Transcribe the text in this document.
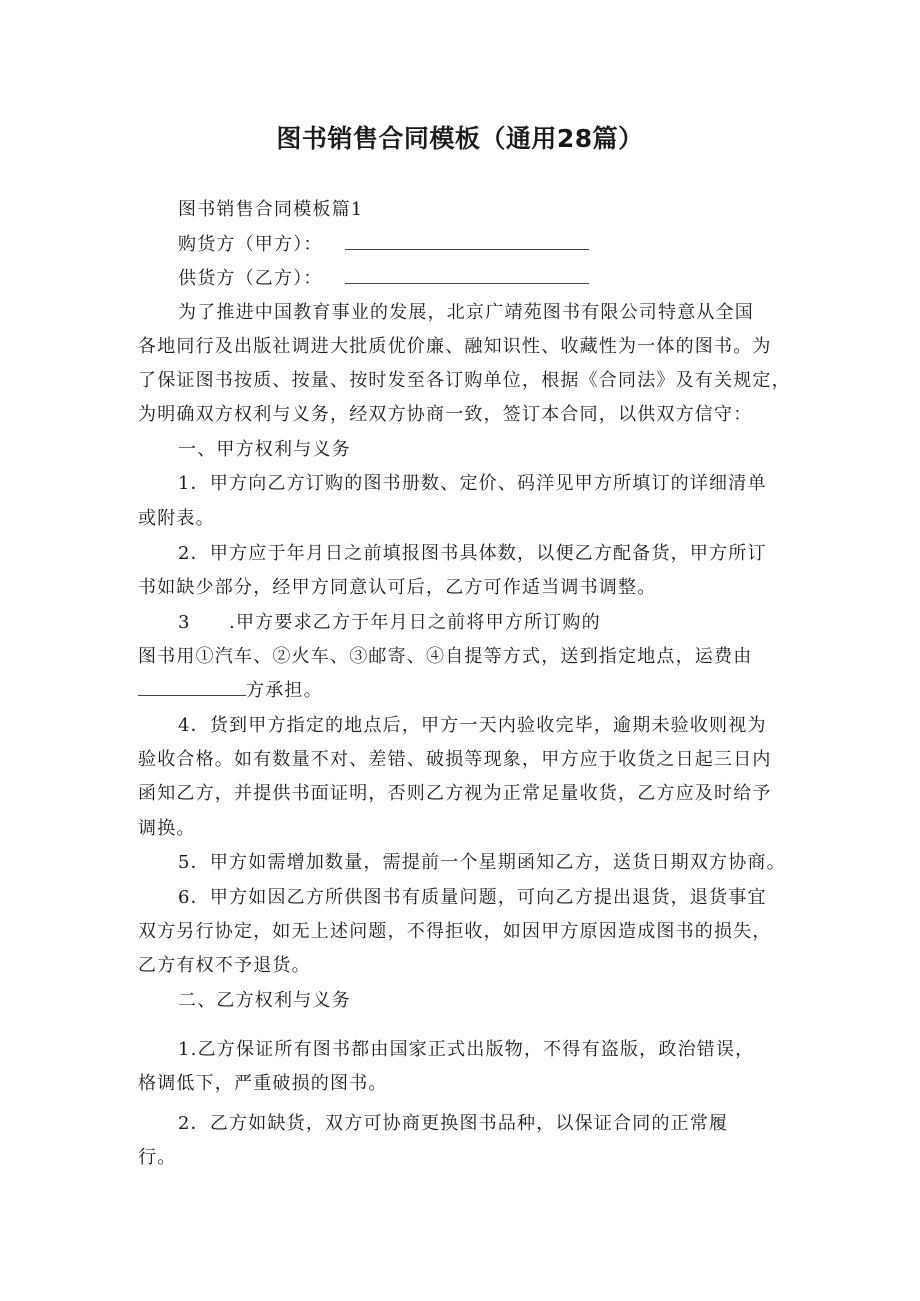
图书销售合同模板（通用28篇）
图书销售合同模板篇1
购货方（甲方）：
供货方（乙方）：
为了推进中国教育事业的发展，北京广靖苑图书有限公司特意从全国
各地同行及出版社调进大批质优价廉、融知识性、收藏性为一体的图书。为
了保证图书按质、按量、按时发至各订购单位，根据《合同法》及有关规定，
为明确双方权利与义务，经双方协商一致，签订本合同，以供双方信守：
一、甲方权利与义务
1．甲方向乙方订购的图书册数、定价、码洋见甲方所填订的详细清单
或附表。
2．甲方应于年月日之前填报图书具体数，以便乙方配备货，甲方所订
书如缺少部分，经甲方同意认可后，乙方可作适当调书调整。
3　　.甲方要求乙方于年月日之前将甲方所订购的
图书用①汽车、②火车、③邮寄、④自提等方式，送到指定地点，运费由
方承担。
4．货到甲方指定的地点后，甲方一天内验收完毕，逾期未验收则视为
验收合格。如有数量不对、差错、破损等现象，甲方应于收货之日起三日内
函知乙方，并提供书面证明，否则乙方视为正常足量收货，乙方应及时给予
调换。
5．甲方如需增加数量，需提前一个星期函知乙方，送货日期双方协商。
6．甲方如因乙方所供图书有质量问题，可向乙方提出退货，退货事宜
双方另行协定，如无上述问题，不得拒收，如因甲方原因造成图书的损失，
乙方有权不予退货。
二、乙方权利与义务
1.乙方保证所有图书都由国家正式出版物，不得有盗版，政治错误，
格调低下，严重破损的图书。
2．乙方如缺货，双方可协商更换图书品种，以保证合同的正常履
行。
